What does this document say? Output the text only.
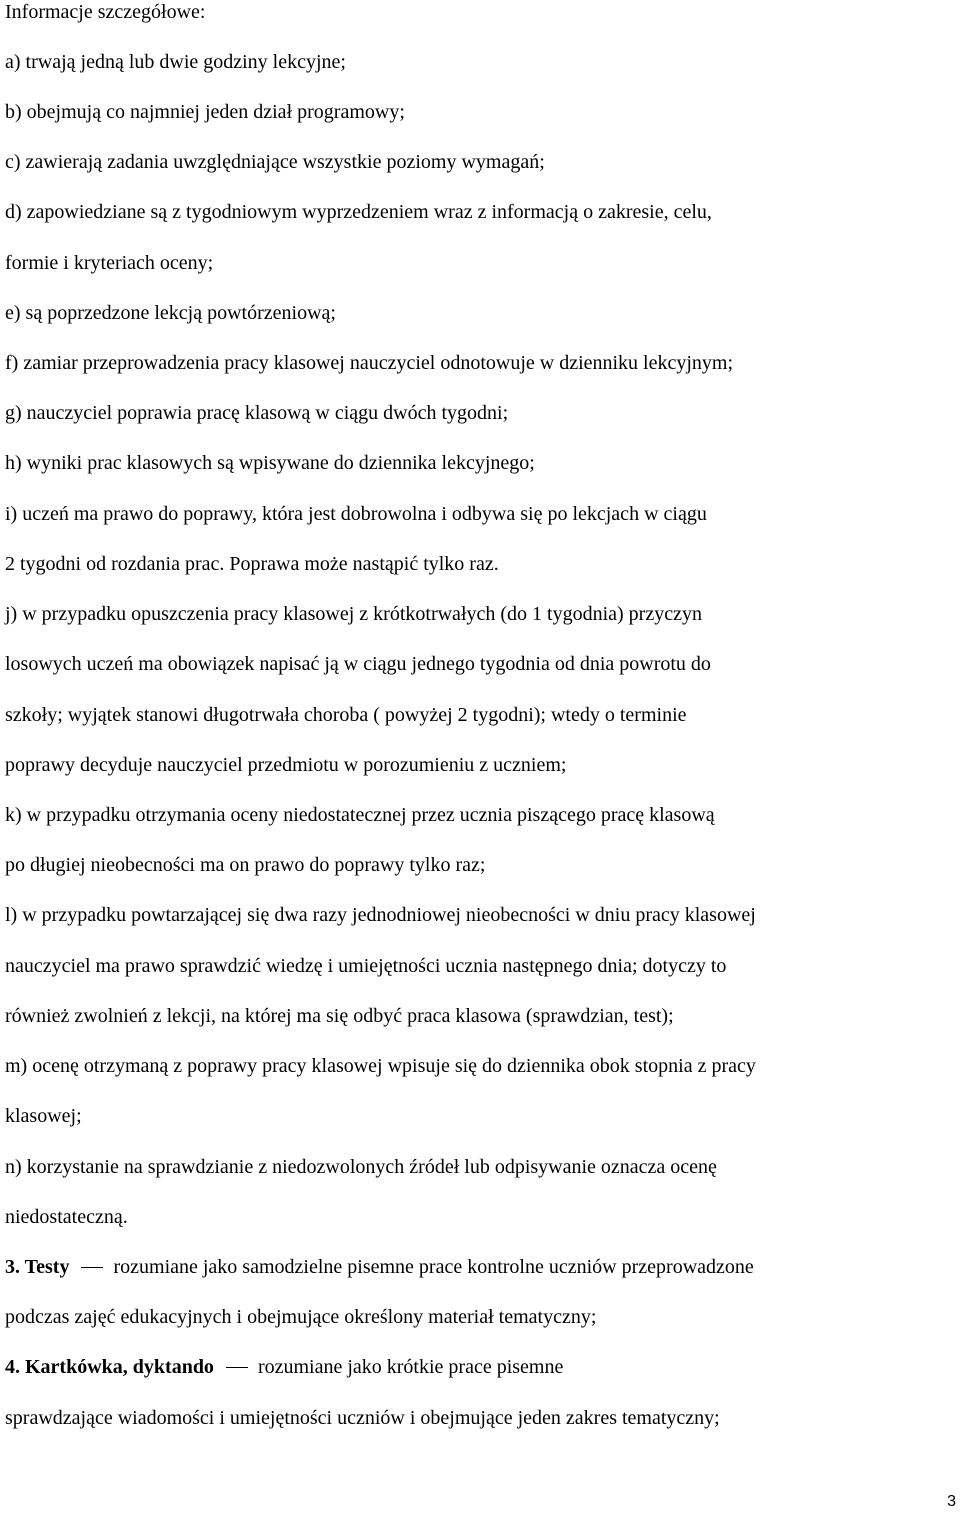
Informacje szczegółowe:
a) trwają jedną lub dwie godziny lekcyjne;
b) obejmują co najmniej jeden dział programowy;
c) zawierają zadania uwzględniające wszystkie poziomy wymagań;
d) zapowiedziane są z tygodniowym wyprzedzeniem wraz z informacją o zakresie, celu,
formie i kryteriach oceny;
e) są poprzedzone lekcją powtórzeniową;
f) zamiar przeprowadzenia pracy klasowej nauczyciel odnotowuje w dzienniku lekcyjnym;
g) nauczyciel poprawia pracę klasową w ciągu dwóch tygodni;
h) wyniki prac klasowych są wpisywane do dziennika lekcyjnego;
i) uczeń ma prawo do poprawy, która jest dobrowolna i odbywa się po lekcjach w ciągu
2 tygodni od rozdania prac. Poprawa może nastąpić tylko raz.
j) w przypadku opuszczenia pracy klasowej z krótkotrwałych (do 1 tygodnia) przyczyn
losowych uczeń ma obowiązek napisać ją w ciągu jednego tygodnia od dnia powrotu do
szkoły; wyjątek stanowi długotrwała choroba ( powyżej 2 tygodni); wtedy o terminie
poprawy decyduje nauczyciel przedmiotu w porozumieniu z uczniem;
k) w przypadku otrzymania oceny niedostatecznej przez ucznia piszącego pracę klasową
po długiej nieobecności ma on prawo do poprawy tylko raz;
l) w przypadku powtarzającej się dwa razy jednodniowej nieobecności w dniu pracy klasowej
nauczyciel ma prawo sprawdzić wiedzę i umiejętności ucznia następnego dnia; dotyczy to
również zwolnień z lekcji, na której ma się odbyć praca klasowa (sprawdzian, test);
m) ocenę otrzymaną z poprawy pracy klasowej wpisuje się do dziennika obok stopnia z pracy
klasowej;
n) korzystanie na sprawdzianie z niedozwolonych źródeł lub odpisywanie oznacza ocenę
niedostateczną.
3. Testy rozumiane jako samodzielne pisemne prace kontrolne uczniów przeprowadzone
podczas zajęć edukacyjnych i obejmujące określony materiał tematyczny;
4. Kartkówka, dyktando rozumiane jako krótkie prace pisemne
sprawdzające wiadomości i umiejętności uczniów i obejmujące jeden zakres tematyczny;
3
